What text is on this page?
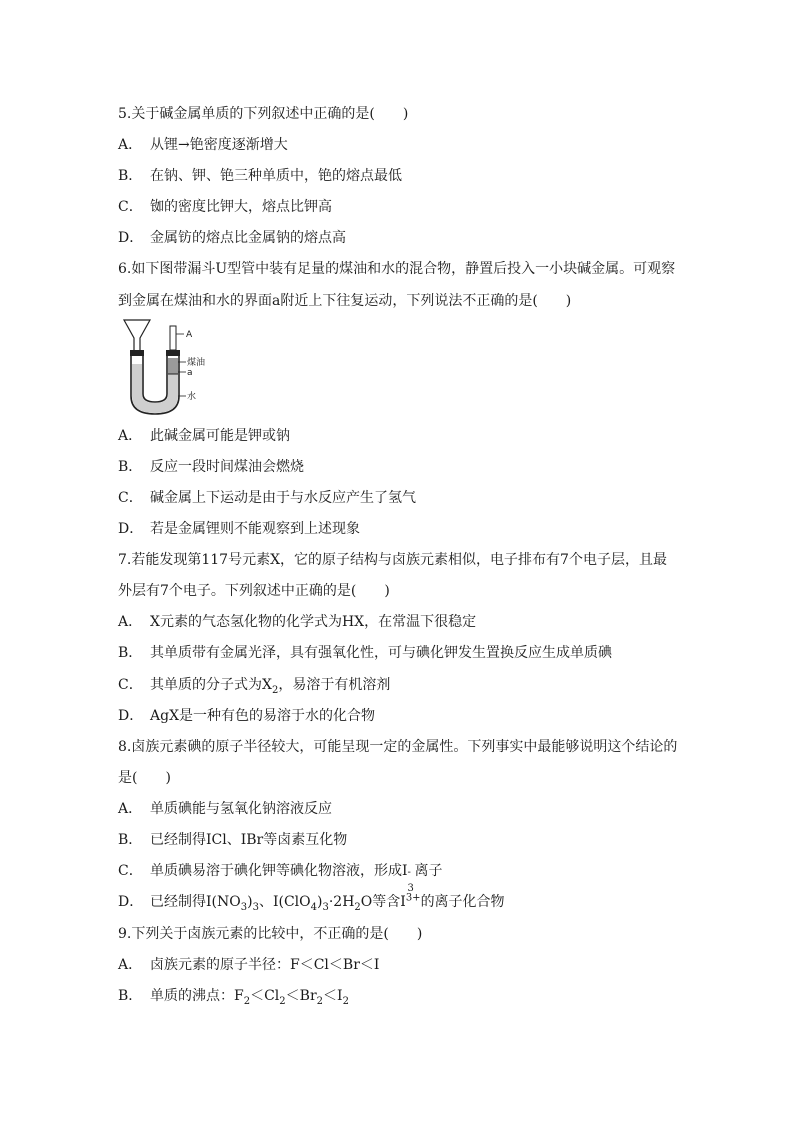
5.关于碱金属单质的下列叙述中正确的是(　　)
A． 从锂→铯密度逐渐增大
B． 在钠、钾、铯三种单质中，铯的熔点最低
C． 铷的密度比钾大，熔点比钾高
D． 金属钫的熔点比金属钠的熔点高
6.如下图带漏斗U型管中装有足量的煤油和水的混合物，静置后投入一小块碱金属。可观察
到金属在煤油和水的界面a附近上下往复运动，下列说法不正确的是(　　)
A
煤油
a
水
A． 此碱金属可能是钾或钠
B． 反应一段时间煤油会燃烧
C． 碱金属上下运动是由于与水反应产生了氢气
D． 若是金属锂则不能观察到上述现象
7.若能发现第117号元素X，它的原子结构与卤族元素相似，电子排布有7个电子层，且最
外层有7个电子。下列叙述中正确的是(　　)
A． X元素的气态氢化物的化学式为HX，在常温下很稳定
B． 其单质带有金属光泽，具有强氧化性，可与碘化钾发生置换反应生成单质碘
C． 其单质的分子式为$X_2$，易溶于有机溶剂
D． AgX是一种有色的易溶于水的化合物
8.卤族元素碘的原子半径较大，可能呈现一定的金属性。下列事实中最能够说明这个结论的
是(　　)
A． 单质碘能与氢氧化钠溶液反应
B． 已经制得ICl、IBr等卤素互化物
C． 单质碘易溶于碘化钾等碘化物溶液，形成I -
3
离子
D． 已经制得$I(NO_3)_3$、$I(ClO_4)_3\cdot 2H_2O$等含$I^{3+}$的离子化合物
9.下列关于卤族元素的比较中，不正确的是(　　)
A． 卤族元素的原子半径：F＜Cl＜Br＜I
B． 单质的沸点：$F_2<Cl_2<Br_2<I_2$
